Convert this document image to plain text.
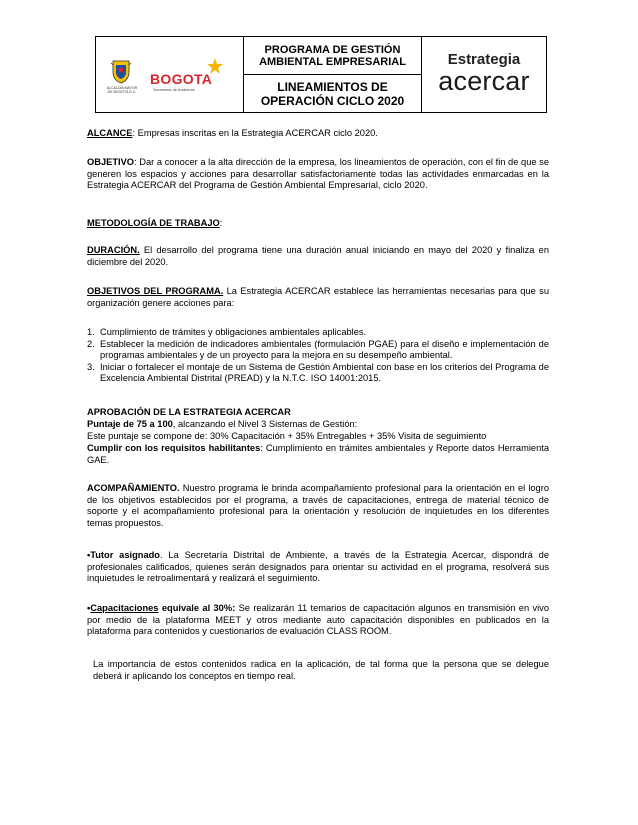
ALCALDÍA MAYOR DE BOGOTÁ D.C.
BOGOTA
Secretaría de Ambiente
PROGRAMA DE GESTIÓN
AMBIENTAL EMPRESARIAL
LINEAMIENTOS DE
OPERACIÓN CICLO 2020
Estrategia
acercar

ALCANCE: Empresas inscritas en la Estrategia ACERCAR ciclo 2020.

OBJETIVO: Dar a conocer a la alta dirección de la empresa, los lineamientos de operación, con el fin de que se generen los espacios y acciones para desarrollar satisfactoriamente todas las actividades enmarcadas en la Estrategia ACERCAR del Programa de Gestión Ambiental Empresarial, ciclo 2020.

METODOLOGÍA DE TRABAJO:

DURACIÓN. El desarrollo del programa tiene una duración anual iniciando en mayo del 2020 y finaliza en diciembre del 2020.

OBJETIVOS DEL PROGRAMA. La Estrategia ACERCAR establece las herramientas necesarias para que su organización genere acciones para:

1. Cumplimiento de trámites y obligaciones ambientales aplicables.
2. Establecer la medición de indicadores ambientales (formulación PGAE) para el diseño e implementación de programas ambientales y de un proyecto para la mejora en su desempeño ambiental.
3. Iniciar o fortalecer el montaje de un Sistema de Gestión Ambiental con base en los criterios del Programa de Excelencia Ambiental Distrital (PREAD) y la N.T.C. ISO 14001:2015.

APROBACIÓN DE LA ESTRATEGIA ACERCAR

Puntaje de 75 a 100, alcanzando el Nivel 3 Sistemas de Gestión:

Este puntaje se compone de: 30% Capacitación + 35% Entregables + 35% Visita de seguimiento

Cumplir con los requisitos habilitantes: Cumplimiento en trámites ambientales y Reporte datos Herramienta GAE.

ACOMPAÑAMIENTO. Nuestro programa le brinda acompañamiento profesional para la orientación en el logro de los objetivos establecidos por el programa, a través de capacitaciones, entrega de material técnico de soporte y el acompañamiento profesional para la orientación y resolución de inquietudes en los diferentes temas propuestos.

•Tutor asignado. La Secretaría Distrital de Ambiente, a través de la Estrategia Acercar, dispondrá de profesionales calificados, quienes serán designados para orientar su actividad en el programa, resolverá sus inquietudes le retroalimentará y realizará el seguimiento.

•Capacitaciones equivale al 30%: Se realizarán 11 temarios de capacitación algunos en transmisión en vivo por medio de la plataforma MEET y otros mediante auto capacitación disponibles en publicados en la plataforma para contenidos y cuestionarios de evaluación CLASS ROOM.

La importancia de estos contenidos radica en la aplicación, de tal forma que la persona que se delegue deberá ir aplicando los conceptos en tiempo real.
